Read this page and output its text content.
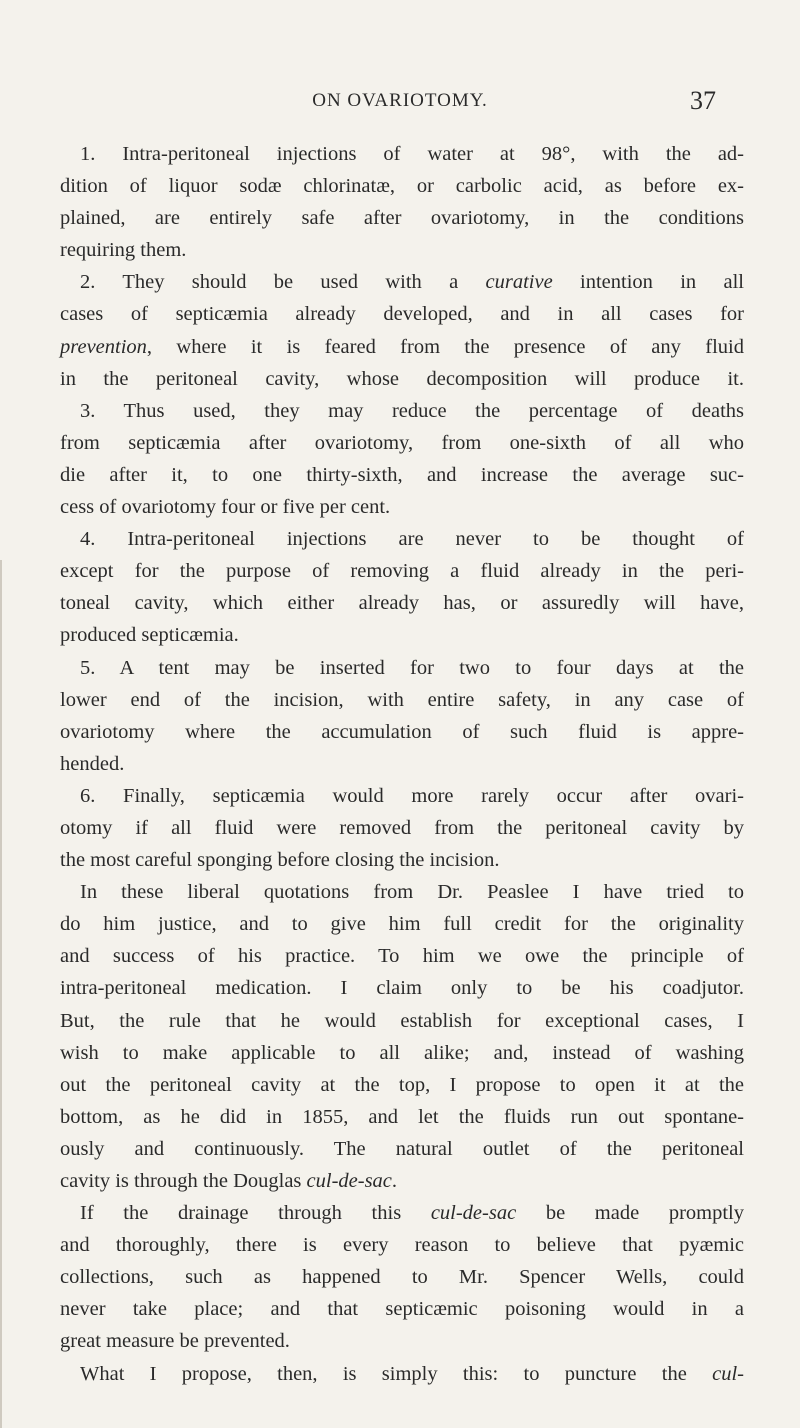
ON OVARIOTOMY.	37
1. Intra-peritoneal injections of water at 98°, with the ad-
dition of liquor sodæ chlorinatæ, or carbolic acid, as before ex-
plained, are entirely safe after ovariotomy, in the conditions
requiring them.
2. They should be used with a curative intention in all
cases of septicæmia already developed, and in all cases for
prevention, where it is feared from the presence of any fluid
in the peritoneal cavity, whose decomposition will produce it.
3. Thus used, they may reduce the percentage of deaths
from septicæmia after ovariotomy, from one-sixth of all who
die after it, to one thirty-sixth, and increase the average suc-
cess of ovariotomy four or five per cent.
4. Intra-peritoneal injections are never to be thought of
except for the purpose of removing a fluid already in the peri-
toneal cavity, which either already has, or assuredly will have,
produced septicæmia.
5. A tent may be inserted for two to four days at the
lower end of the incision, with entire safety, in any case of
ovariotomy where the accumulation of such fluid is appre-
hended.
6. Finally, septicæmia would more rarely occur after ovari-
otomy if all fluid were removed from the peritoneal cavity by
the most careful sponging before closing the incision.
In these liberal quotations from Dr. Peaslee I have tried to
do him justice, and to give him full credit for the originality
and success of his practice. To him we owe the principle of
intra-peritoneal medication. I claim only to be his coadjutor.
But, the rule that he would establish for exceptional cases, I
wish to make applicable to all alike; and, instead of washing
out the peritoneal cavity at the top, I propose to open it at the
bottom, as he did in 1855, and let the fluids run out spontane-
ously and continuously. The natural outlet of the peritoneal
cavity is through the Douglas cul-de-sac.
If the drainage through this cul-de-sac be made promptly
and thoroughly, there is every reason to believe that pyæmic
collections, such as happened to Mr. Spencer Wells, could
never take place; and that septicæmic poisoning would in a
great measure be prevented.
What I propose, then, is simply this: to puncture the cul-
